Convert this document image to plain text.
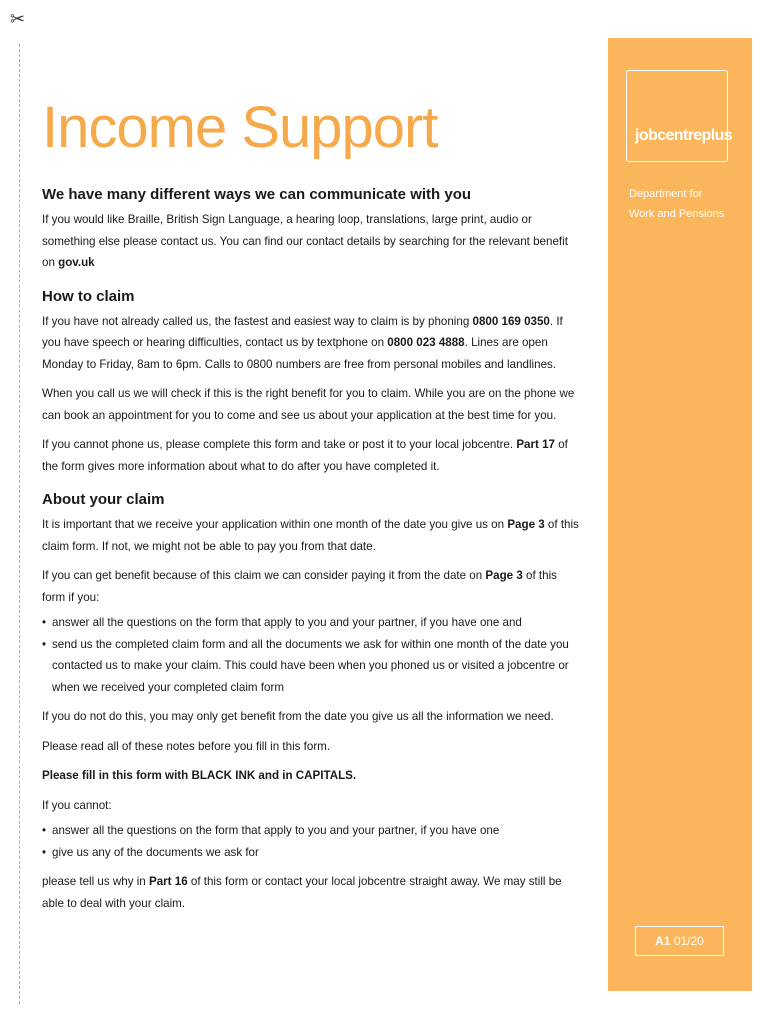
✂
Income Support
We have many different ways we can communicate with you

If you would like Braille, British Sign Language, a hearing loop, translations, large print, audio or something else please contact us. You can find our contact details by searching for the relevant benefit on gov.uk

How to claim

If you have not already called us, the fastest and easiest way to claim is by phoning 0800 169 0350. If you have speech or hearing difficulties, contact us by textphone on 0800 023 4888. Lines are open Monday to Friday, 8am to 6pm. Calls to 0800 numbers are free from personal mobiles and landlines.

When you call us we will check if this is the right benefit for you to claim. While you are on the phone we can book an appointment for you to come and see us about your application at the best time for you.

If you cannot phone us, please complete this form and take or post it to your local jobcentre. Part 17 of the form gives more information about what to do after you have completed it.

About your claim

It is important that we receive your application within one month of the date you give us on Page 3 of this claim form. If not, we might not be able to pay you from that date.

If you can get benefit because of this claim we can consider paying it from the date on Page 3 of this form if you:

• answer all the questions on the form that apply to you and your partner, if you have one and
• send us the completed claim form and all the documents we ask for within one month of the date you contacted us to make your claim. This could have been when you phoned us or visited a jobcentre or when we received your completed claim form

If you do not do this, you may only get benefit from the date you give us all the information we need.

Please read all of these notes before you fill in this form.

Please fill in this form with BLACK INK and in CAPITALS.

If you cannot:

• answer all the questions on the form that apply to you and your partner, if you have one
• give us any of the documents we ask for

please tell us why in Part 16 of this form or contact your local jobcentre straight away. We may still be able to deal with your claim.

jobcentreplus
Department for
Work and Pensions
A1 01/20
